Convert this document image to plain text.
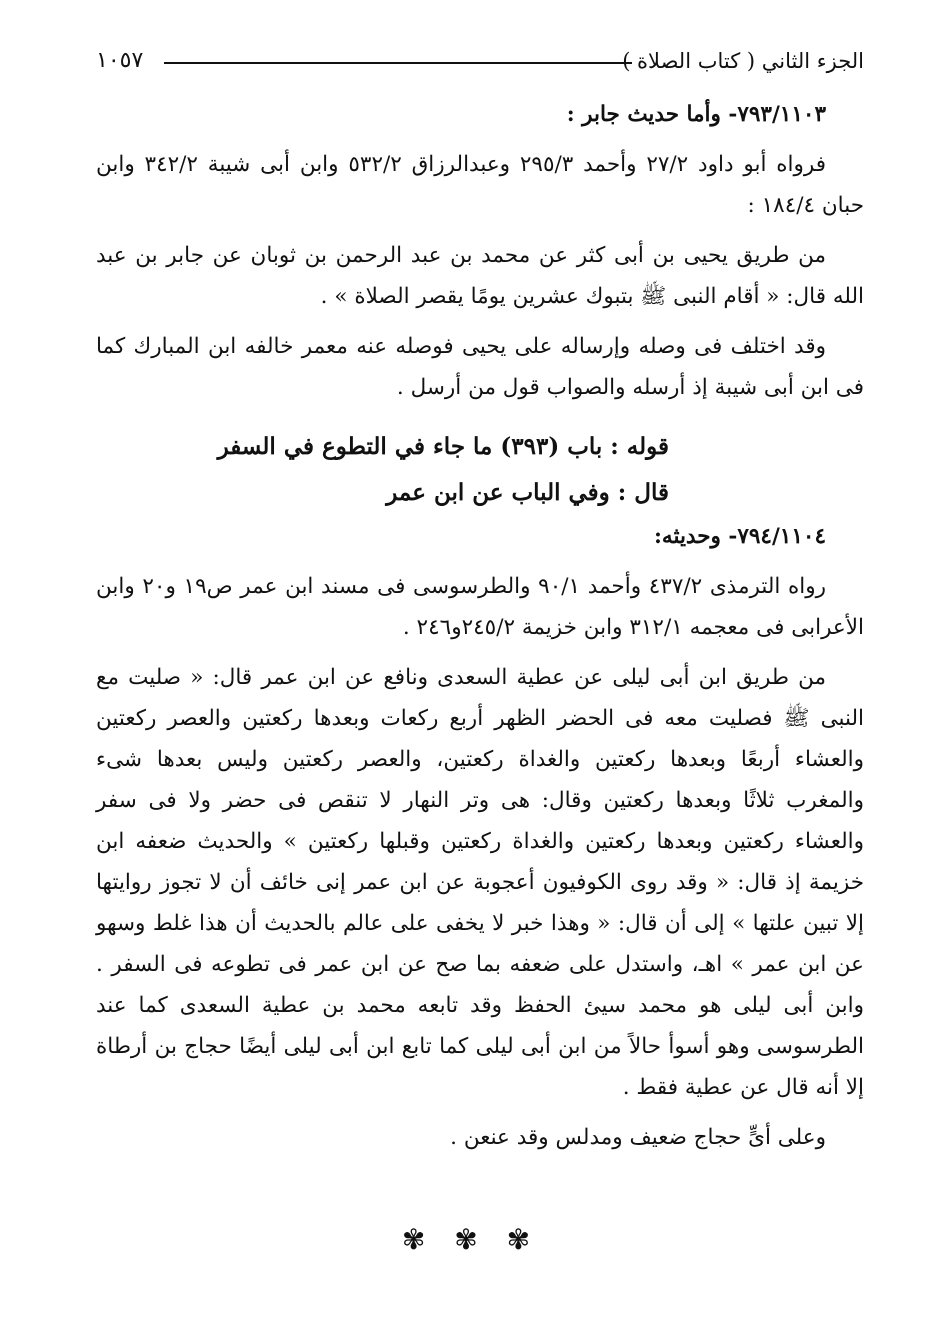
الجزء الثاني ( كتاب الصلاة )
١٠٥٧

٧٩٣/١١٠٣- وأما حديث جابر :

فرواه أبو داود ٢٧/٢ وأحمد ٢٩٥/٣ وعبدالرزاق ٥٣٢/٢ وابن أبى شيبة ٣٤٢/٢ وابن حبان ١٨٤/٤ :

من طريق يحيى بن أبى كثر عن محمد بن عبد الرحمن بن ثوبان عن جابر بن عبد الله قال: « أقام النبى ﷺ بتبوك عشرين يومًا يقصر الصلاة » .

وقد اختلف فى وصله وإرساله على يحيى فوصله عنه معمر خالفه ابن المبارك كما فى ابن أبى شيبة إذ أرسله والصواب قول من أرسل .

قوله : باب (٣٩٣) ما جاء في التطوع في السفر

قال : وفي الباب عن ابن عمر

٧٩٤/١١٠٤- وحديثه:

رواه الترمذى ٤٣٧/٢ وأحمد ٩٠/١ والطرسوسى فى مسند ابن عمر ص١٩ و٢٠ وابن الأعرابى فى معجمه ٣١٢/١ وابن خزيمة ٢٤٥/٢و٢٤٦ .

من طريق ابن أبى ليلى عن عطية السعدى ونافع عن ابن عمر قال: « صليت مع النبى ﷺ فصليت معه فى الحضر الظهر أربع ركعات وبعدها ركعتين والعصر ركعتين والعشاء أربعًا وبعدها ركعتين والغداة ركعتين، والعصر ركعتين وليس بعدها شىء والمغرب ثلاثًا وبعدها ركعتين وقال: هى وتر النهار لا تنقص فى حضر ولا فى سفر والعشاء ركعتين وبعدها ركعتين والغداة ركعتين وقبلها ركعتين » والحديث ضعفه ابن خزيمة إذ قال: « وقد روى الكوفيون أعجوبة عن ابن عمر إنى خائف أن لا تجوز روايتها إلا تبين علتها » إلى أن قال: « وهذا خبر لا يخفى على عالم بالحديث أن هذا غلط وسهو عن ابن عمر » اهـ، واستدل على ضعفه بما صح عن ابن عمر فى تطوعه فى السفر . وابن أبى ليلى هو محمد سيئ الحفظ وقد تابعه محمد بن عطية السعدى كما عند الطرسوسى وهو أسوأ حالاً من ابن أبى ليلى كما تابع ابن أبى ليلى أيضًا حجاج بن أرطاة إلا أنه قال عن عطية فقط .

وعلى أىٍّ حجاج ضعيف ومدلس وقد عنعن .

✾ ✾ ✾
